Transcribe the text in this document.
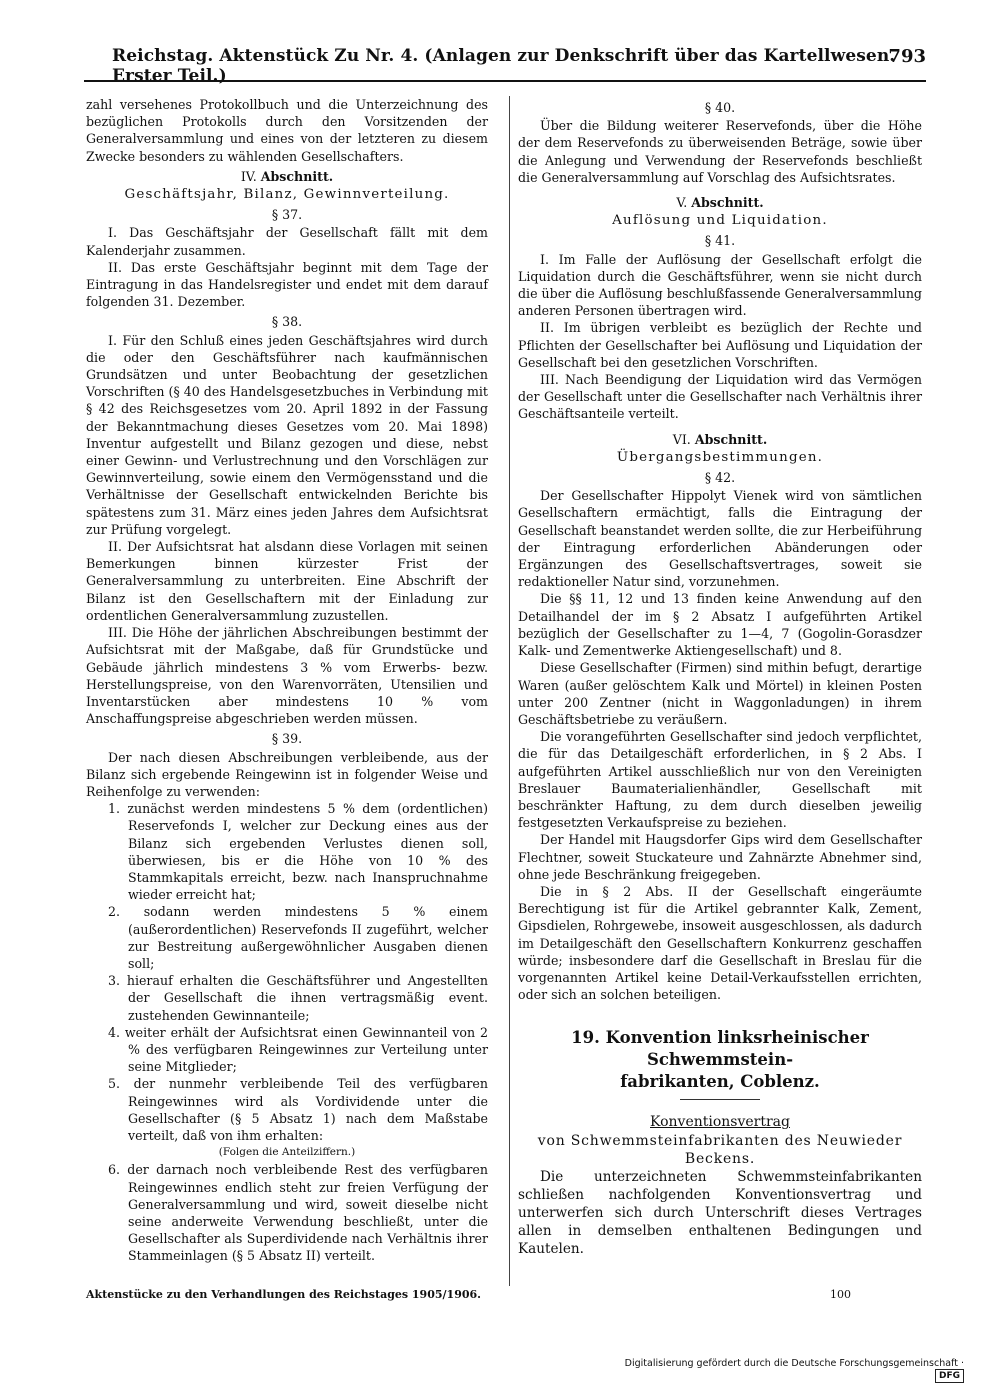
Reichstag. Aktenstück Zu Nr. 4. (Anlagen zur Denkschrift über das Kartellwesen. Erster Teil.)
793

zahl versehenes Protokollbuch und die Unterzeichnung des bezüglichen Protokolls durch den Vorsitzenden der Generalversammlung und eines von der letzteren zu diesem Zwecke besonders zu wählenden Gesellschafters.

IV. Abschnitt.

Geschäftsjahr, Bilanz, Gewinnverteilung.

§ 37.

I. Das Geschäftsjahr der Gesellschaft fällt mit dem Kalenderjahr zusammen.

II. Das erste Geschäftsjahr beginnt mit dem Tage der Eintragung in das Handelsregister und endet mit dem darauf folgenden 31. Dezember.

§ 38.

I. Für den Schluß eines jeden Geschäftsjahres wird durch die oder den Geschäftsführer nach kaufmännischen Grundsätzen und unter Beobachtung der gesetzlichen Vorschriften (§ 40 des Handelsgesetzbuches in Verbindung mit § 42 des Reichsgesetzes vom 20. April 1892 in der Fassung der Bekanntmachung dieses Gesetzes vom 20. Mai 1898) Inventur aufgestellt und Bilanz gezogen und diese, nebst einer Gewinn- und Verlustrechnung und den Vorschlägen zur Gewinnverteilung, sowie einem den Vermögensstand und die Verhältnisse der Gesellschaft entwickelnden Berichte bis spätestens zum 31. März eines jeden Jahres dem Aufsichtsrat zur Prüfung vorgelegt.

II. Der Aufsichtsrat hat alsdann diese Vorlagen mit seinen Bemerkungen binnen kürzester Frist der Generalversammlung zu unterbreiten. Eine Abschrift der Bilanz ist den Gesellschaftern mit der Einladung zur ordentlichen Generalversammlung zuzustellen.

III. Die Höhe der jährlichen Abschreibungen bestimmt der Aufsichtsrat mit der Maßgabe, daß für Grundstücke und Gebäude jährlich mindestens 3 % vom Erwerbs- bezw. Herstellungspreise, von den Warenvorräten, Utensilien und Inventarstücken aber mindestens 10 % vom Anschaffungspreise abgeschrieben werden müssen.

§ 39.

Der nach diesen Abschreibungen verbleibende, aus der Bilanz sich ergebende Reingewinn ist in folgender Weise und Reihenfolge zu verwenden:

1. zunächst werden mindestens 5 % dem (ordentlichen) Reservefonds I, welcher zur Deckung eines aus der Bilanz sich ergebenden Verlustes dienen soll, überwiesen, bis er die Höhe von 10 % des Stammkapitals erreicht, bezw. nach Inanspruchnahme wieder erreicht hat;

2. sodann werden mindestens 5 % einem (außerordentlichen) Reservefonds II zugeführt, welcher zur Bestreitung außergewöhnlicher Ausgaben dienen soll;

3. hierauf erhalten die Geschäftsführer und Angestellten der Gesellschaft die ihnen vertragsmäßig event. zustehenden Gewinnanteile;

4. weiter erhält der Aufsichtsrat einen Gewinnanteil von 2 % des verfügbaren Reingewinnes zur Verteilung unter seine Mitglieder;

5. der nunmehr verbleibende Teil des verfügbaren Reingewinnes wird als Vordividende unter die Gesellschafter (§ 5 Absatz 1) nach dem Maßstabe verteilt, daß von ihm erhalten:

(Folgen die Anteilziffern.)

6. der darnach noch verbleibende Rest des verfügbaren Reingewinnes endlich steht zur freien Verfügung der Generalversammlung und wird, soweit dieselbe nicht seine anderweite Verwendung beschließt, unter die Gesellschafter als Superdividende nach Verhältnis ihrer Stammeinlagen (§ 5 Absatz II) verteilt.

§ 40.

Über die Bildung weiterer Reservefonds, über die Höhe der dem Reservefonds zu überweisenden Beträge, sowie über die Anlegung und Verwendung der Reservefonds beschließt die Generalversammlung auf Vorschlag des Aufsichtsrates.

V. Abschnitt.

Auflösung und Liquidation.

§ 41.

I. Im Falle der Auflösung der Gesellschaft erfolgt die Liquidation durch die Geschäftsführer, wenn sie nicht durch die über die Auflösung beschlußfassende Generalversammlung anderen Personen übertragen wird.

II. Im übrigen verbleibt es bezüglich der Rechte und Pflichten der Gesellschafter bei Auflösung und Liquidation der Gesellschaft bei den gesetzlichen Vorschriften.

III. Nach Beendigung der Liquidation wird das Vermögen der Gesellschaft unter die Gesellschafter nach Verhältnis ihrer Geschäftsanteile verteilt.

VI. Abschnitt.

Übergangsbestimmungen.

§ 42.

Der Gesellschafter Hippolyt Vienek wird von sämtlichen Gesellschaftern ermächtigt, falls die Eintragung der Gesellschaft beanstandet werden sollte, die zur Herbeiführung der Eintragung erforderlichen Abänderungen oder Ergänzungen des Gesellschaftsvertrages, soweit sie redaktioneller Natur sind, vorzunehmen.

Die §§ 11, 12 und 13 finden keine Anwendung auf den Detailhandel der im § 2 Absatz I aufgeführten Artikel bezüglich der Gesellschafter zu 1—4, 7 (Gogolin-Gorasdzer Kalk- und Zementwerke Aktiengesellschaft) und 8.

Diese Gesellschafter (Firmen) sind mithin befugt, derartige Waren (außer gelöschtem Kalk und Mörtel) in kleinen Posten unter 200 Zentner (nicht in Waggonladungen) in ihrem Geschäftsbetriebe zu veräußern.

Die vorangeführten Gesellschafter sind jedoch verpflichtet, die für das Detailgeschäft erforderlichen, in § 2 Abs. I aufgeführten Artikel ausschließlich nur von den Vereinigten Breslauer Baumaterialienhändler, Gesellschaft mit beschränkter Haftung, zu dem durch dieselben jeweilig festgesetzten Verkaufspreise zu beziehen.

Der Handel mit Haugsdorfer Gips wird dem Gesellschafter Flechtner, soweit Stuckateure und Zahnärzte Abnehmer sind, ohne jede Beschränkung freigegeben.

Die in § 2 Abs. II der Gesellschaft eingeräumte Berechtigung ist für die Artikel gebrannter Kalk, Zement, Gipsdielen, Rohrgewebe, insoweit ausgeschlossen, als dadurch im Detailgeschäft den Gesellschaftern Konkurrenz geschaffen würde; insbesondere darf die Gesellschaft in Breslau für die vorgenannten Artikel keine Detail-Verkaufsstellen errichten, oder sich an solchen beteiligen.

19. Konvention linksrheinischer Schwemmstein-
fabrikanten, Coblenz.

Konventionsvertrag

von Schwemmsteinfabrikanten des Neuwieder Beckens.

Die unterzeichneten Schwemmsteinfabrikanten schließen nachfolgenden Konventionsvertrag und unterwerfen sich durch Unterschrift dieses Vertrages allen in demselben enthaltenen Bedingungen und Kautelen.

Aktenstücke zu den Verhandlungen des Reichstages 1905/1906.	100
Digitalisierung gefördert durch die Deutsche Forschungsgemeinschaft ·DFG
